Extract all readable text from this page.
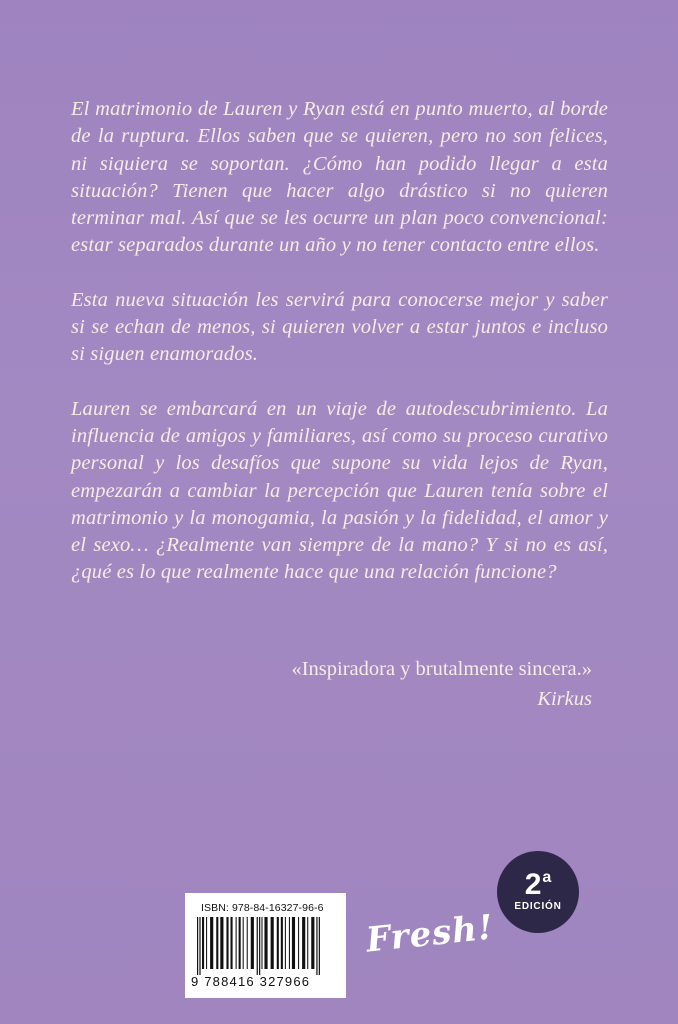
El matrimonio de Lauren y Ryan está en punto muerto, al borde de la ruptura. Ellos saben que se quieren, pero no son felices, ni siquiera se soportan. ¿Cómo han podido llegar a esta situación? Tienen que hacer algo drástico si no quieren terminar mal. Así que se les ocurre un plan poco convencional: estar separados durante un año y no tener contacto entre ellos.

Esta nueva situación les servirá para conocerse mejor y saber si se echan de menos, si quieren volver a estar juntos e incluso si siguen enamorados.

Lauren se embarcará en un viaje de autodescubrimiento. La influencia de amigos y familiares, así como su proceso curativo personal y los desafíos que supone su vida lejos de Ryan, empezarán a cambiar la percepción que Lauren tenía sobre el matrimonio y la monogamia, la pasión y la fidelidad, el amor y el sexo… ¿Realmente van siempre de la mano? Y si no es así, ¿qué es lo que realmente hace que una relación funcione?

«Inspiradora y brutalmente sincera.»
Kirkus
2$^a$
EDICIÓN
ISBN: 978-84-16327-96-6
9 788416 327966
Fresh!
